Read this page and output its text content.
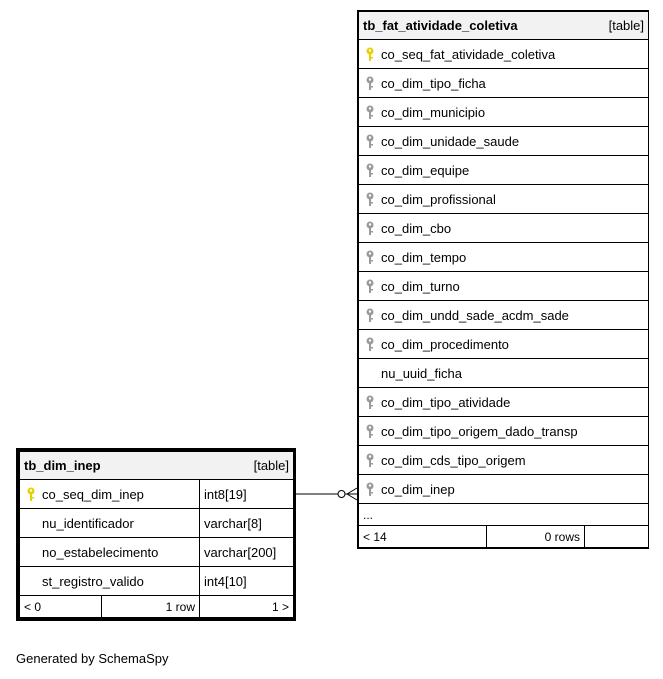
tb_fat_atividade_coletiva	[table]

co_seq_fat_atividade_coletiva

co_dim_tipo_ficha

co_dim_municipio

co_dim_unidade_saude

co_dim_equipe

co_dim_profissional

co_dim_cbo

co_dim_tempo

co_dim_turno

co_dim_undd_sade_acdm_sade

co_dim_procedimento
nu_uuid_ficha

co_dim_tipo_atividade

co_dim_tipo_origem_dado_transp

co_dim_cds_tipo_origem

co_dim_inep
...
< 14	0 rows	
tb_dim_inep [table]		

co_seq_dim_inep		int8[19]
nu_identificador		varchar[8]
no_estabelecimento		varchar[200]
st_registro_valido		int4[10]
< 0	1 row	1 >
Generated by SchemaSpy
